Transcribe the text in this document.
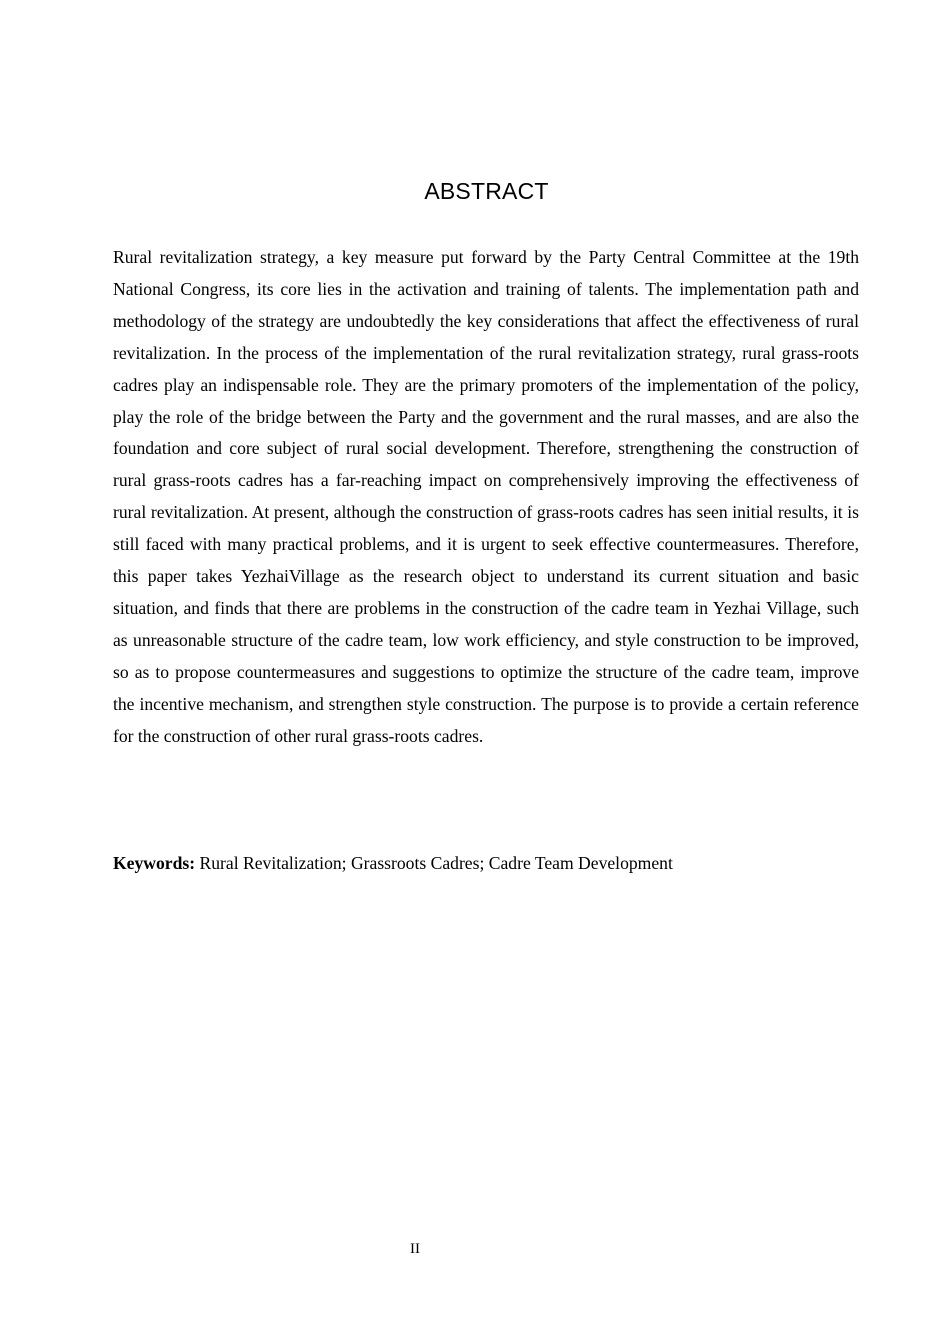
ABSTRACT

Rural revitalization strategy, a key measure put forward by the Party Central Committee at the 19th National Congress, its core lies in the activation and training of talents. The implementation path and methodology of the strategy are undoubtedly the key considerations that affect the effectiveness of rural revitalization. In the process of the implementation of the rural revitalization strategy, rural grass-roots cadres play an indispensable role. They are the primary promoters of the implementation of the policy, play the role of the bridge between the Party and the government and the rural masses, and are also the foundation and core subject of rural social development. Therefore, strengthening the construction of rural grass-roots cadres has a far-reaching impact on comprehensively improving the effectiveness of rural revitalization. At present, although the construction of grass-roots cadres has seen initial results, it is still faced with many practical problems, and it is urgent to seek effective countermeasures. Therefore, this paper takes YezhaiVillage as the research object to understand its current situation and basic situation, and finds that there are problems in the construction of the cadre team in Yezhai Village, such as unreasonable structure of the cadre team, low work efficiency, and style construction to be improved, so as to propose countermeasures and suggestions to optimize the structure of the cadre team, improve the incentive mechanism, and strengthen style construction. The purpose is to provide a certain reference for the construction of other rural grass-roots cadres.

Keywords: Rural Revitalization; Grassroots Cadres; Cadre Team Development

II
